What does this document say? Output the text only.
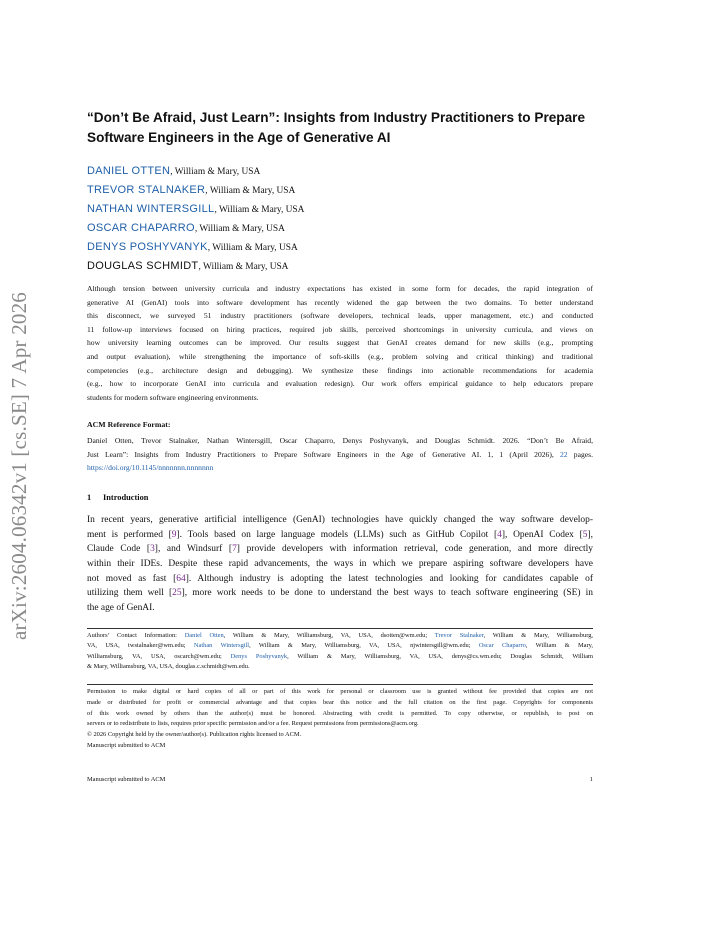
arXiv:2604.06342v1 [cs.SE] 7 Apr 2026
“Don’t Be Afraid, Just Learn”: Insights from Industry Practitioners to Prepare
Software Engineers in the Age of Generative AI
DANIEL OTTEN, William & Mary, USA
TREVOR STALNAKER, William & Mary, USA
NATHAN WINTERSGILL, William & Mary, USA
OSCAR CHAPARRO, William & Mary, USA
DENYS POSHYVANYK, William & Mary, USA
DOUGLAS SCHMIDT, William & Mary, USA
Although tension between university curricula and industry expectations has existed in some form for decades, the rapid integration of
generative AI (GenAI) tools into software development has recently widened the gap between the two domains. To better understand
this disconnect, we surveyed 51 industry practitioners (software developers, technical leads, upper management, etc.) and conducted
11 follow-up interviews focused on hiring practices, required job skills, perceived shortcomings in university curricula, and views on
how university learning outcomes can be improved. Our results suggest that GenAI creates demand for new skills (e.g., prompting
and output evaluation), while strengthening the importance of soft-skills (e.g., problem solving and critical thinking) and traditional
competencies (e.g., architecture design and debugging). We synthesize these findings into actionable recommendations for academia
(e.g., how to incorporate GenAI into curricula and evaluation redesign). Our work offers empirical guidance to help educators prepare
students for modern software engineering environments.
ACM Reference Format:
Daniel Otten, Trevor Stalnaker, Nathan Wintersgill, Oscar Chaparro, Denys Poshyvanyk, and Douglas Schmidt. 2026. “Don’t Be Afraid,
Just Learn”: Insights from Industry Practitioners to Prepare Software Engineers in the Age of Generative AI. 1, 1 (April 2026), 22 pages.
https://doi.org/10.1145/nnnnnnn.nnnnnnn
1 Introduction
In recent years, generative artificial intelligence (GenAI) technologies have quickly changed the way software develop-
ment is performed [9]. Tools based on large language models (LLMs) such as GitHub Copilot [4], OpenAI Codex [5],
Claude Code [3], and Windsurf [7] provide developers with information retrieval, code generation, and more directly
within their IDEs. Despite these rapid advancements, the ways in which we prepare aspiring software developers have
not moved as fast [64]. Although industry is adopting the latest technologies and looking for candidates capable of
utilizing them well [25], more work needs to be done to understand the best ways to teach software engineering (SE) in
the age of GenAI.
Authors’ Contact Information: Daniel Otten, William & Mary, Williamsburg, VA, USA, dsotten@wm.edu; Trevor Stalnaker, William & Mary, Williamsburg,
VA, USA, twstalnaker@wm.edu; Nathan Wintersgill, William & Mary, Williamsburg, VA, USA, njwintersgill@wm.edu; Oscar Chaparro, William & Mary,
Williamsburg, VA, USA, oscarch@wm.edu; Denys Poshyvanyk, William & Mary, Williamsburg, VA, USA, denys@cs.wm.edu; Douglas Schmidt, William
& Mary, Williamsburg, VA, USA, douglas.c.schmidt@wm.edu.
Permission to make digital or hard copies of all or part of this work for personal or classroom use is granted without fee provided that copies are not
made or distributed for profit or commercial advantage and that copies bear this notice and the full citation on the first page. Copyrights for components
of this work owned by others than the author(s) must be honored. Abstracting with credit is permitted. To copy otherwise, or republish, to post on
servers or to redistribute to lists, requires prior specific permission and/or a fee. Request permissions from permissions@acm.org.
© 2026 Copyright held by the owner/author(s). Publication rights licensed to ACM.
Manuscript submitted to ACM
Manuscript submitted to ACM	1
